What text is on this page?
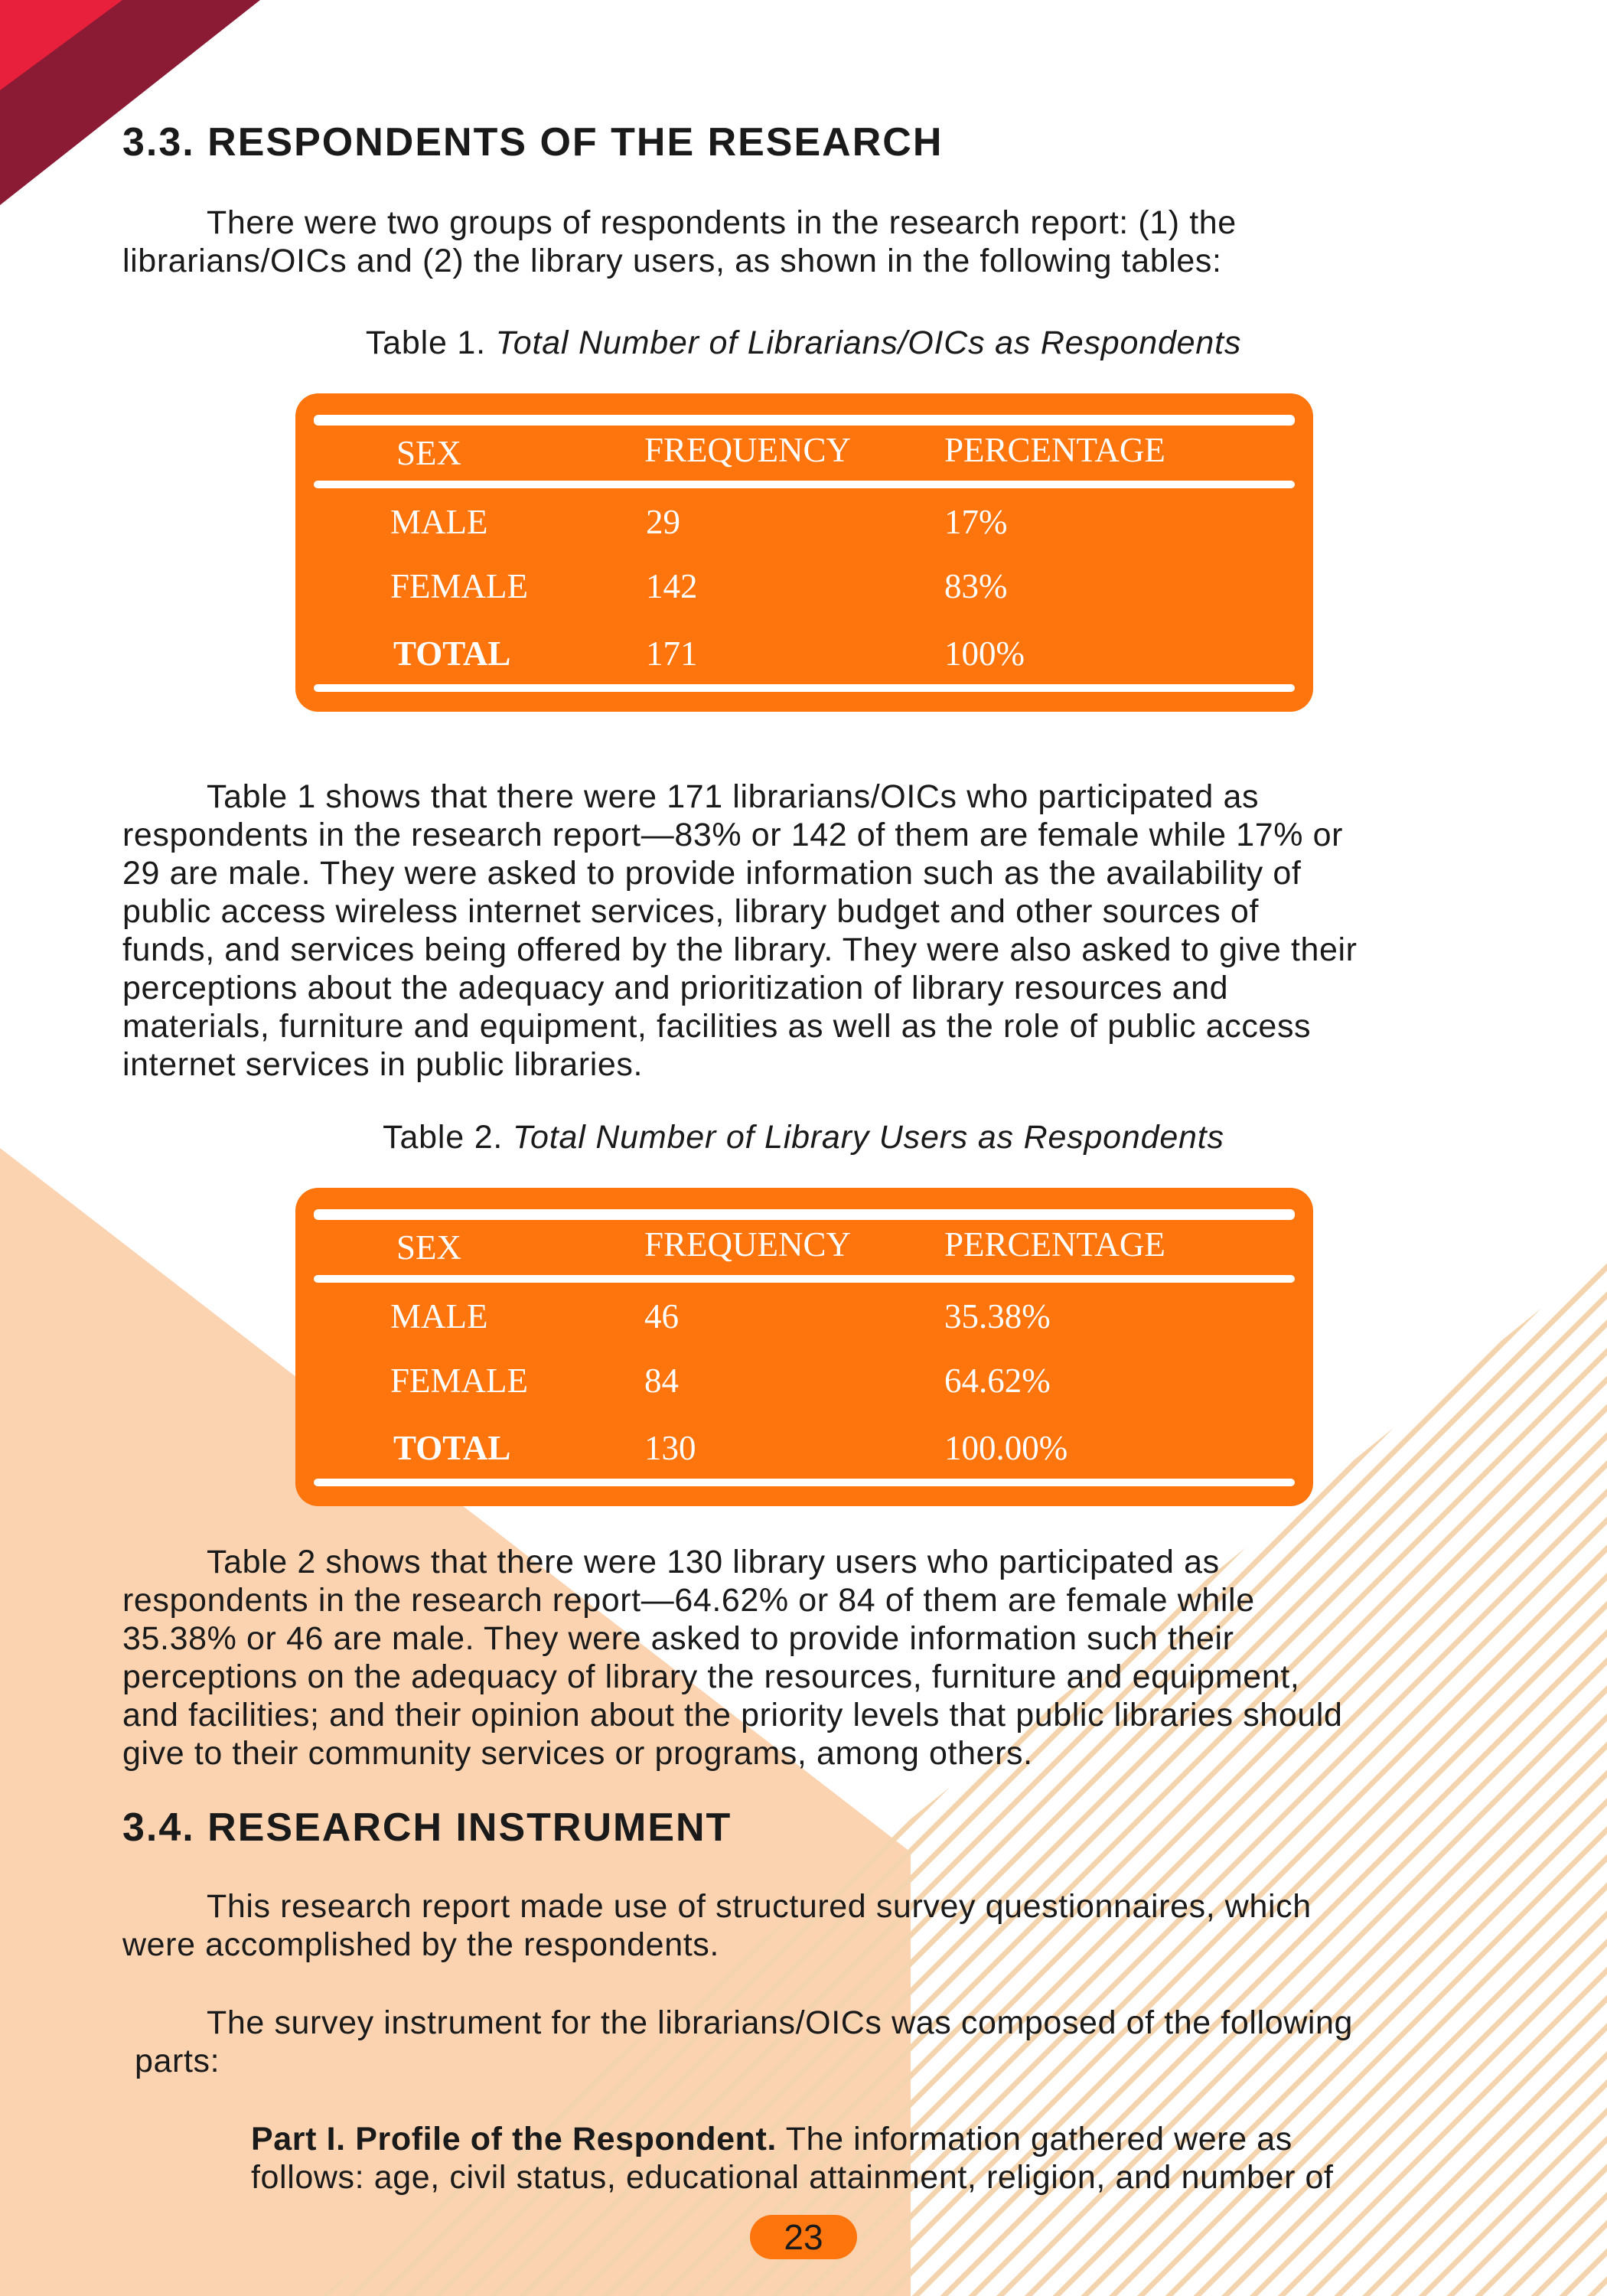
3.3. RESPONDENTS OF THE RESEARCH
There were two groups of respondents in the research report: (1) the
librarians/OICs and (2) the library users, as shown in the following tables:
Table 1. Total Number of Librarians/OICs as Respondents
SEX	FREQUENCY	PERCENTAGE
MALE	29	17%
FEMALE	142	83%
TOTAL	171	100%
Table 1 shows that there were 171 librarians/OICs who participated as
respondents in the research report—83% or 142 of them are female while 17% or
29 are male. They were asked to provide information such as the availability of
public access wireless internet services, library budget and other sources of
funds, and services being offered by the library. They were also asked to give their
perceptions about the adequacy and prioritization of library resources and
materials, furniture and equipment, facilities as well as the role of public access
internet services in public libraries.
Table 2. Total Number of Library Users as Respondents
SEX	FREQUENCY	PERCENTAGE
MALE	46	35.38%
FEMALE	84	64.62%
TOTAL	130	100.00%
Table 2 shows that there were 130 library users who participated as
respondents in the research report—64.62% or 84 of them are female while
35.38% or 46 are male. They were asked to provide information such their
perceptions on the adequacy of library the resources, furniture and equipment,
and facilities; and their opinion about the priority levels that public libraries should
give to their community services or programs, among others.
3.4. RESEARCH INSTRUMENT
This research report made use of structured survey questionnaires, which
were accomplished by the respondents.
The survey instrument for the librarians/OICs was composed of the following
parts:
Part I. Profile of the Respondent. The information gathered were as
follows: age, civil status, educational attainment, religion, and number of
23
